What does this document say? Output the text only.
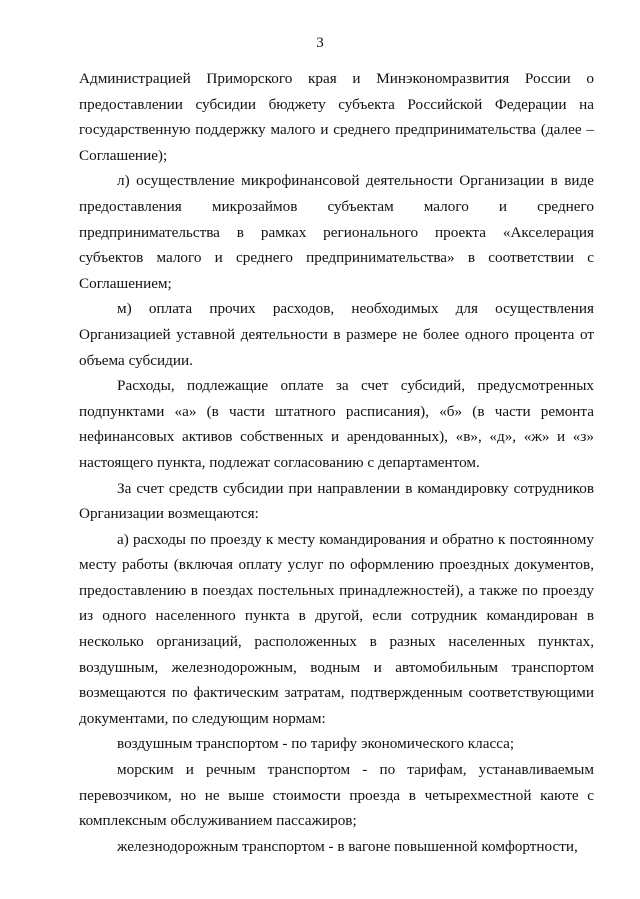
3

Администрацией Приморского края и Минэкономразвития России о предоставлении субсидии бюджету субъекта Российской Федерации на государственную поддержку малого и среднего предпринимательства (далее – Соглашение);

л) осуществление микрофинансовой деятельности Организации в виде предоставления микрозаймов субъектам малого и среднего предпринимательства в рамках регионального проекта «Акселерация субъектов малого и среднего предпринимательства» в соответствии с Соглашением;

м) оплата прочих расходов, необходимых для осуществления Организацией уставной деятельности в размере не более одного процента от объема субсидии.

Расходы, подлежащие оплате за счет субсидий, предусмотренных подпунктами «а» (в части штатного расписания), «б» (в части ремонта нефинансовых активов собственных и арендованных), «в», «д», «ж» и «з» настоящего пункта, подлежат согласованию с департаментом.

За счет средств субсидии при направлении в командировку сотрудников Организации возмещаются:

а) расходы по проезду к месту командирования и обратно к постоянному месту работы (включая оплату услуг по оформлению проездных документов, предоставлению в поездах постельных принадлежностей), а также по проезду из одного населенного пункта в другой, если сотрудник командирован в несколько организаций, расположенных в разных населенных пунктах, воздушным, железнодорожным, водным и автомобильным транспортом возмещаются по фактическим затратам, подтвержденным соответствующими документами, по следующим нормам:

воздушным транспортом - по тарифу экономического класса;

морским и речным транспортом - по тарифам, устанавливаемым перевозчиком, но не выше стоимости проезда в четырехместной каюте с комплексным обслуживанием пассажиров;

железнодорожным транспортом - в вагоне повышенной комфортности,
